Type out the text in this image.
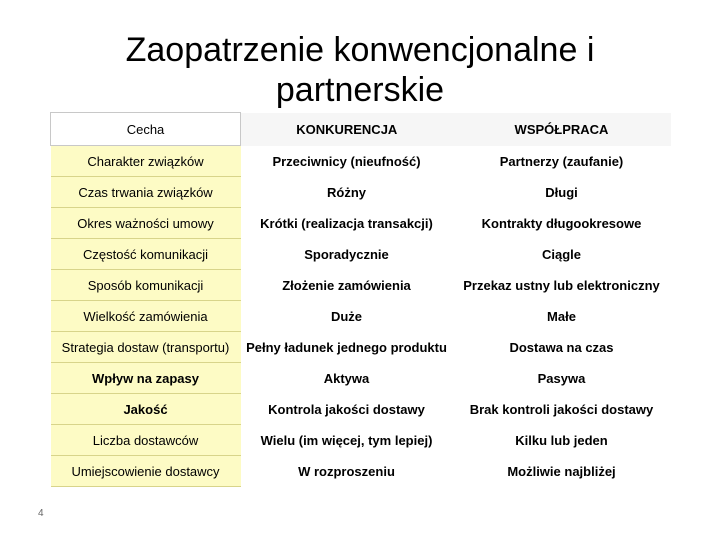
Zaopatrzenie konwencjonalne i
partnerskie
Cecha	KONKURENCJA	WSPÓŁPRACA
Charakter związków	Przeciwnicy (nieufność)	Partnerzy (zaufanie)
Czas trwania związków	Różny	Długi
Okres ważności umowy	Krótki (realizacja transakcji)	Kontrakty długookresowe
Częstość komunikacji	Sporadycznie	Ciągle
Sposób komunikacji	Złożenie zamówienia	Przekaz ustny lub elektroniczny
Wielkość zamówienia	Duże	Małe
Strategia dostaw (transportu)	Pełny ładunek jednego produktu	Dostawa na czas
Wpływ na zapasy	Aktywa	Pasywa
Jakość	Kontrola jakości dostawy	Brak kontroli jakości dostawy
Liczba dostawców	Wielu (im więcej, tym lepiej)	Kilku lub jeden
Umiejscowienie dostawcy	W rozproszeniu	Możliwie najbliżej
4
